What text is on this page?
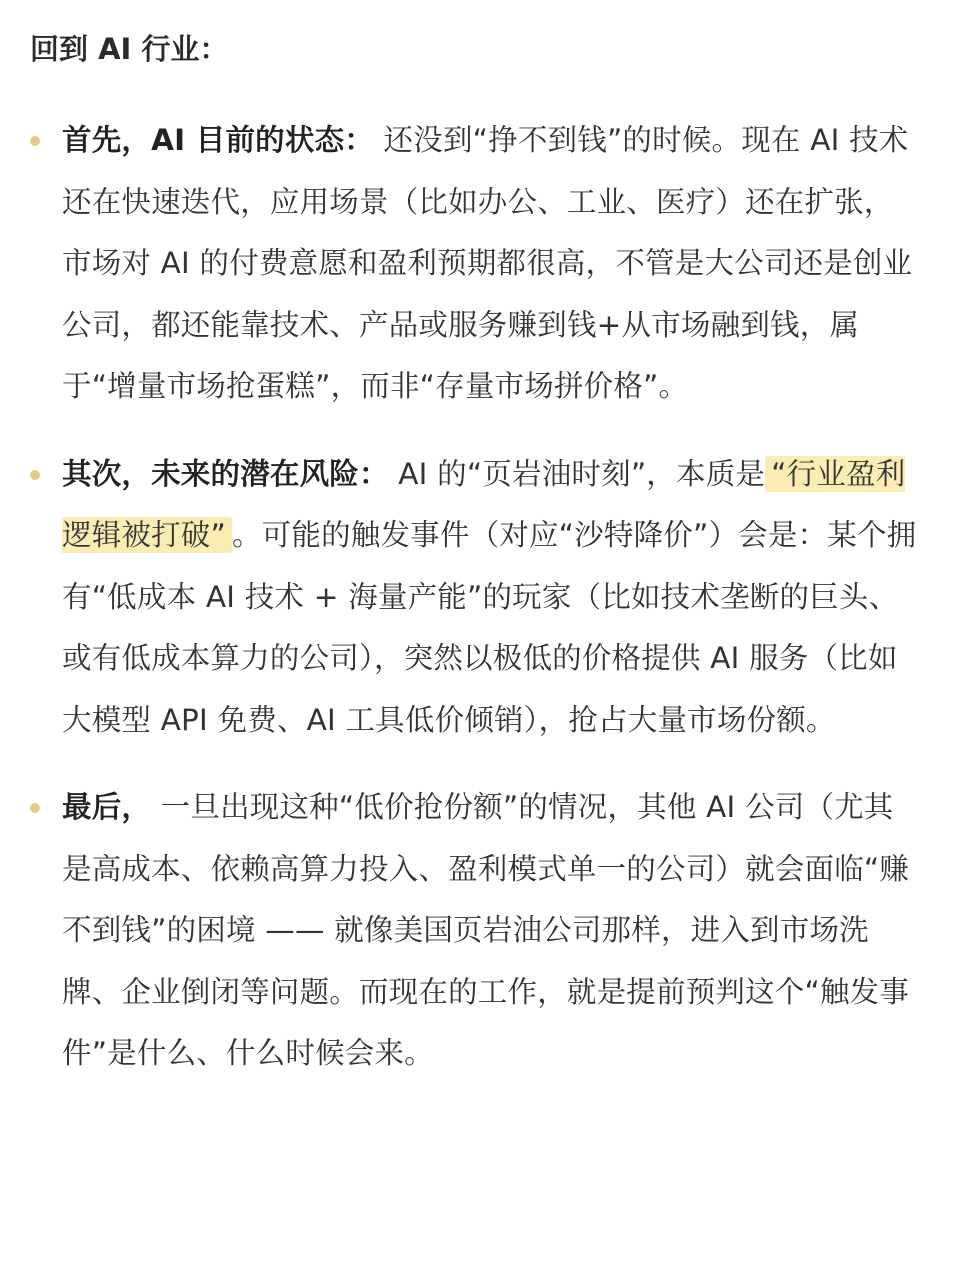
回到 AI 行业：
首先，AI 目前的状态： 还没到“挣不到钱”的时候。现在 AI 技术还在快速迭代，应用场景（比如办公、工业、医疗）还在扩张，市场对 AI 的付费意愿和盈利预期都很高，不管是大公司还是创业公司，都还能靠技术、产品或服务赚到钱+从市场融到钱，属于“增量市场抢蛋糕”，而非“存量市场拼价格”。
其次，未来的潜在风险： AI 的“页岩油时刻”，本质是 “行业盈利逻辑被打破” 。可能的触发事件（对应“沙特降价”）会是：某个拥有“低成本 AI 技术 + 海量产能”的玩家（比如技术垄断的巨头、或有低成本算力的公司），突然以极低的价格提供 AI 服务（比如大模型 API 免费、AI 工具低价倾销），抢占大量市场份额。
最后， 一旦出现这种“低价抢份额”的情况，其他 AI 公司（尤其是高成本、依赖高算力投入、盈利模式单一的公司）就会面临“赚不到钱”的困境 —— 就像美国页岩油公司那样，进入到市场洗牌、企业倒闭等问题。而现在的工作，就是提前预判这个“触发事件”是什么、什么时候会来。
